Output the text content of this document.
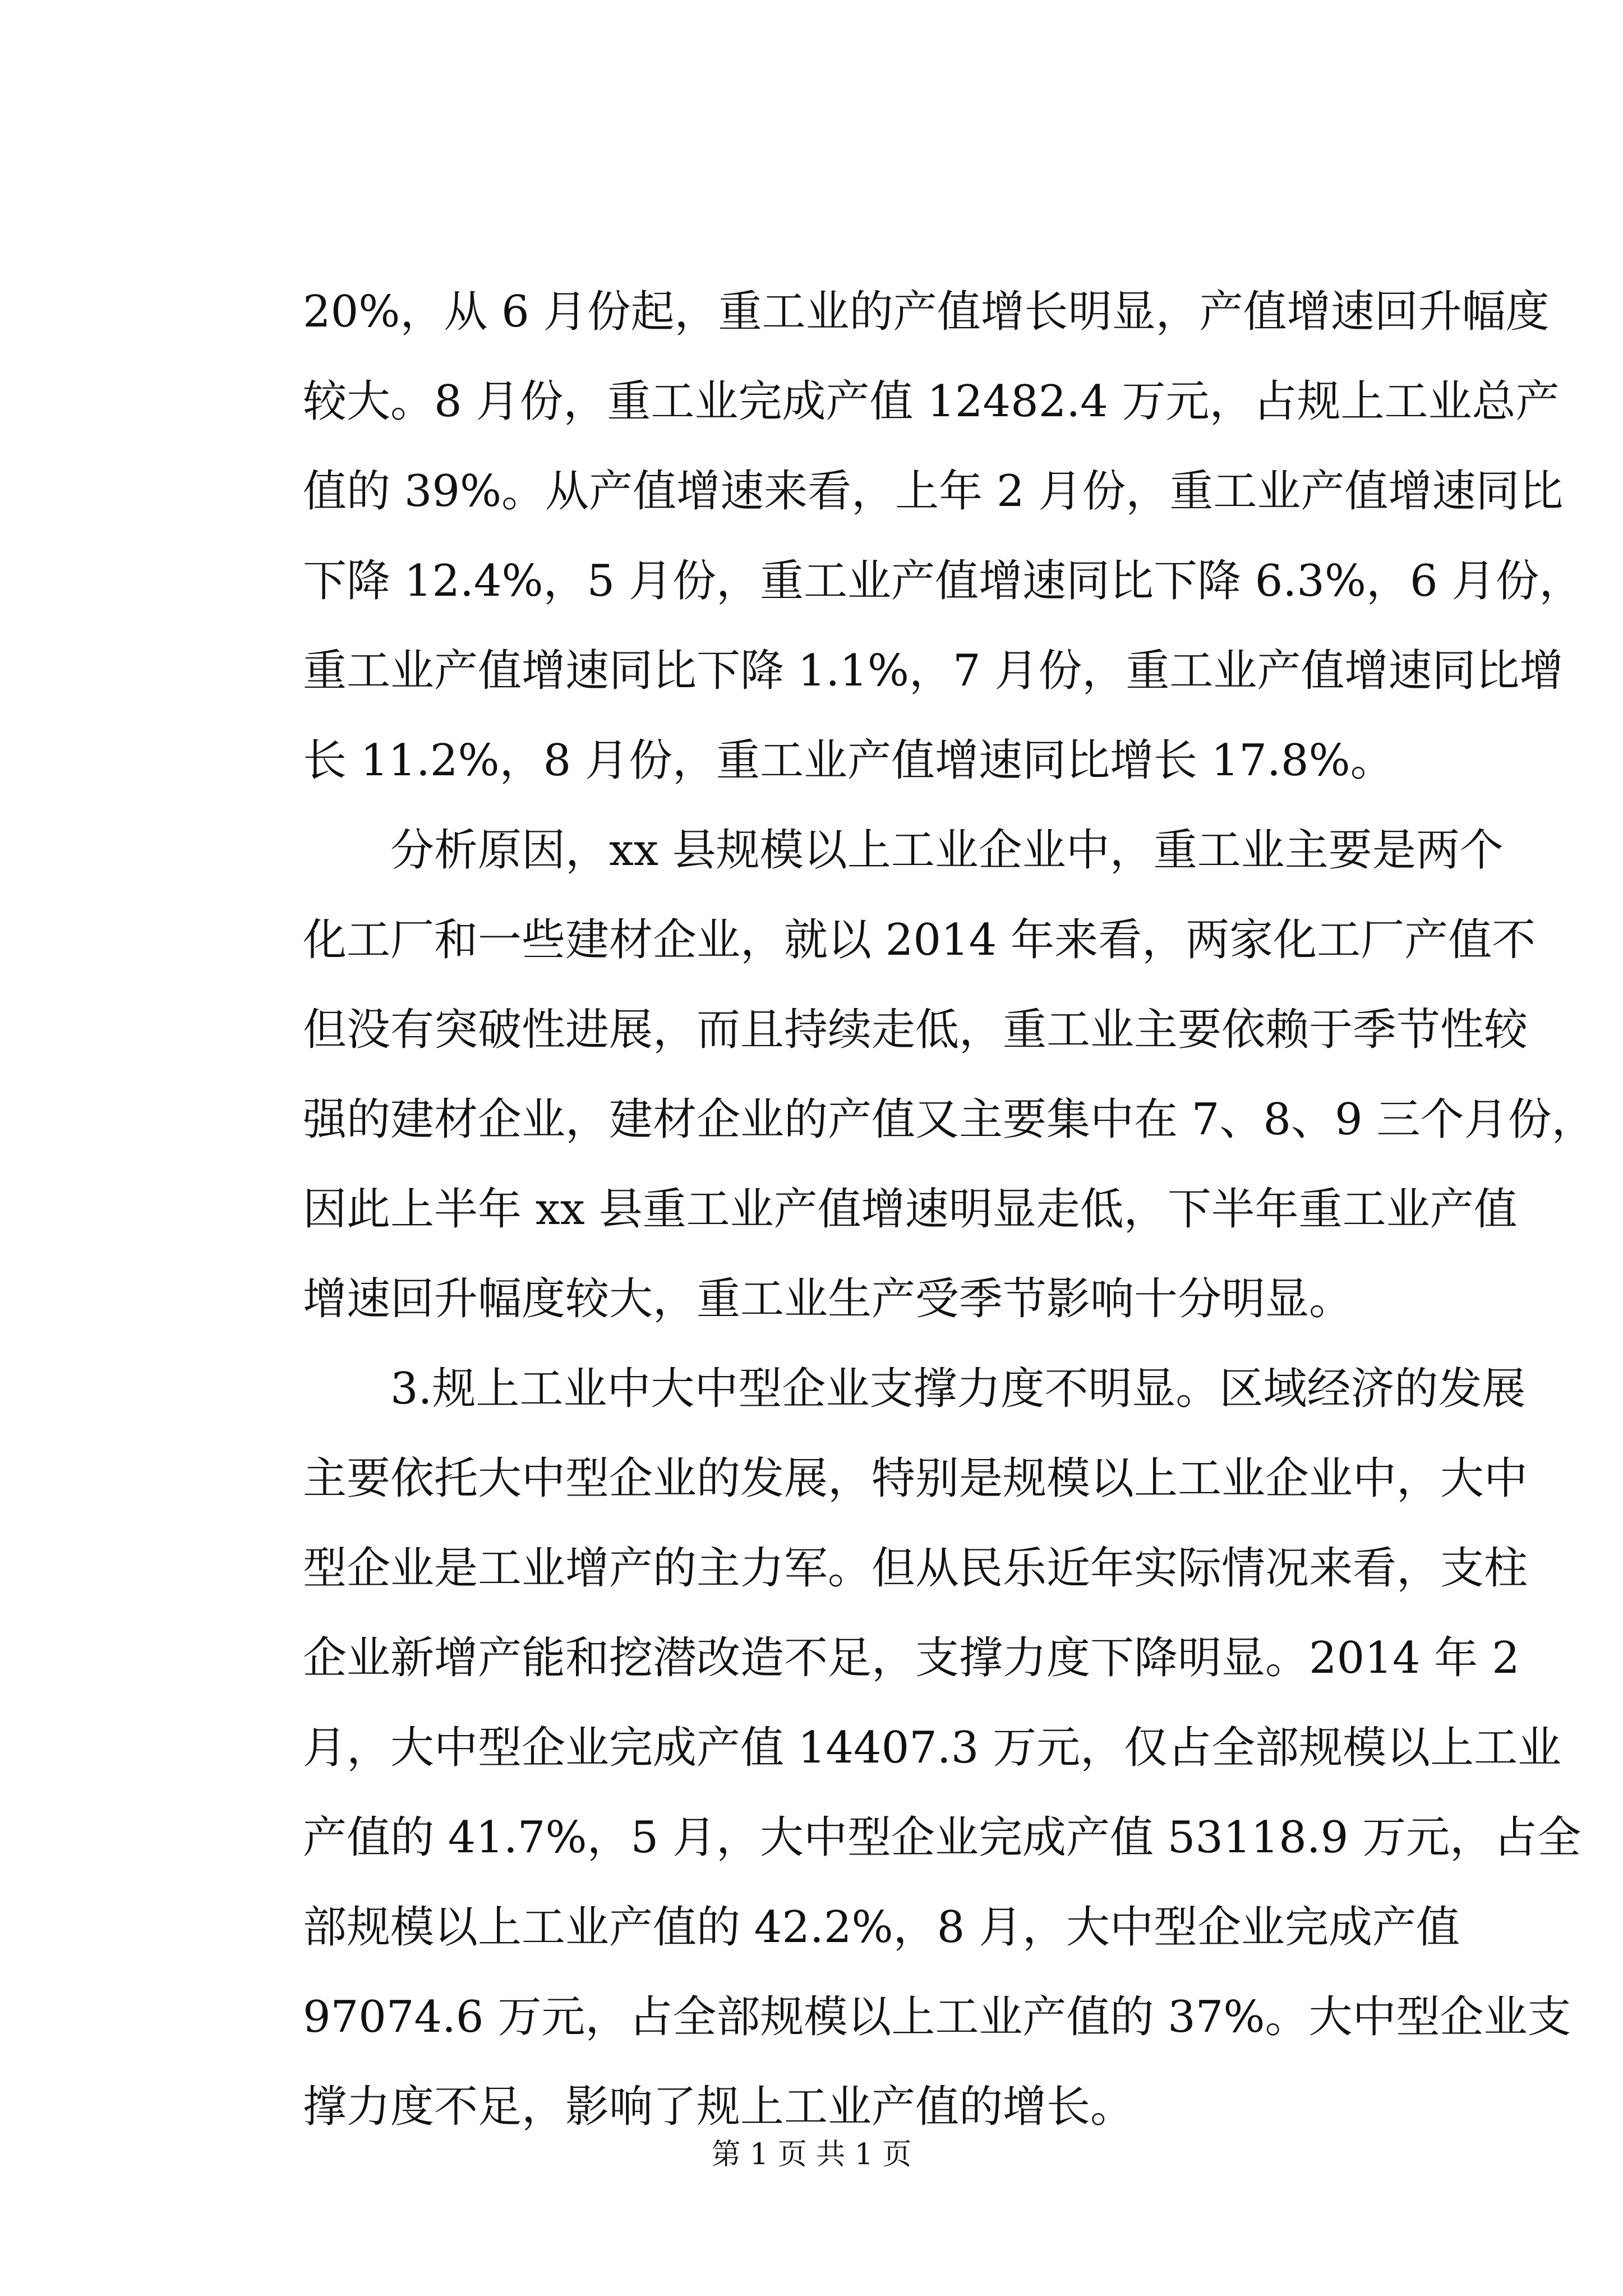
20%，从 6 月份起，重工业的产值增长明显，产值增速回升幅度
较大。8 月份，重工业完成产值 12482.4 万元，占规上工业总产
值的 39%。从产值增速来看，上年 2 月份，重工业产值增速同比
下降 12.4%，5 月份，重工业产值增速同比下降 6.3%，6 月份，
重工业产值增速同比下降 1.1%，7 月份，重工业产值增速同比增
长 11.2%，8 月份，重工业产值增速同比增长 17.8%。
　　分析原因，xx 县规模以上工业企业中，重工业主要是两个
化工厂和一些建材企业，就以 2014 年来看，两家化工厂产值不
但没有突破性进展，而且持续走低，重工业主要依赖于季节性较
强的建材企业，建材企业的产值又主要集中在 7、8、9 三个月份，
因此上半年 xx 县重工业产值增速明显走低，下半年重工业产值
增速回升幅度较大，重工业生产受季节影响十分明显。
　　3.规上工业中大中型企业支撑力度不明显。区域经济的发展
主要依托大中型企业的发展，特别是规模以上工业企业中，大中
型企业是工业增产的主力军。但从民乐近年实际情况来看，支柱
企业新增产能和挖潜改造不足，支撑力度下降明显。2014 年 2
月，大中型企业完成产值 14407.3 万元，仅占全部规模以上工业
产值的 41.7%，5 月，大中型企业完成产值 53118.9 万元，占全
部规模以上工业产值的 42.2%，8 月，大中型企业完成产值
97074.6 万元，占全部规模以上工业产值的 37%。大中型企业支
撑力度不足，影响了规上工业产值的增长。
第 1 页 共 1 页
